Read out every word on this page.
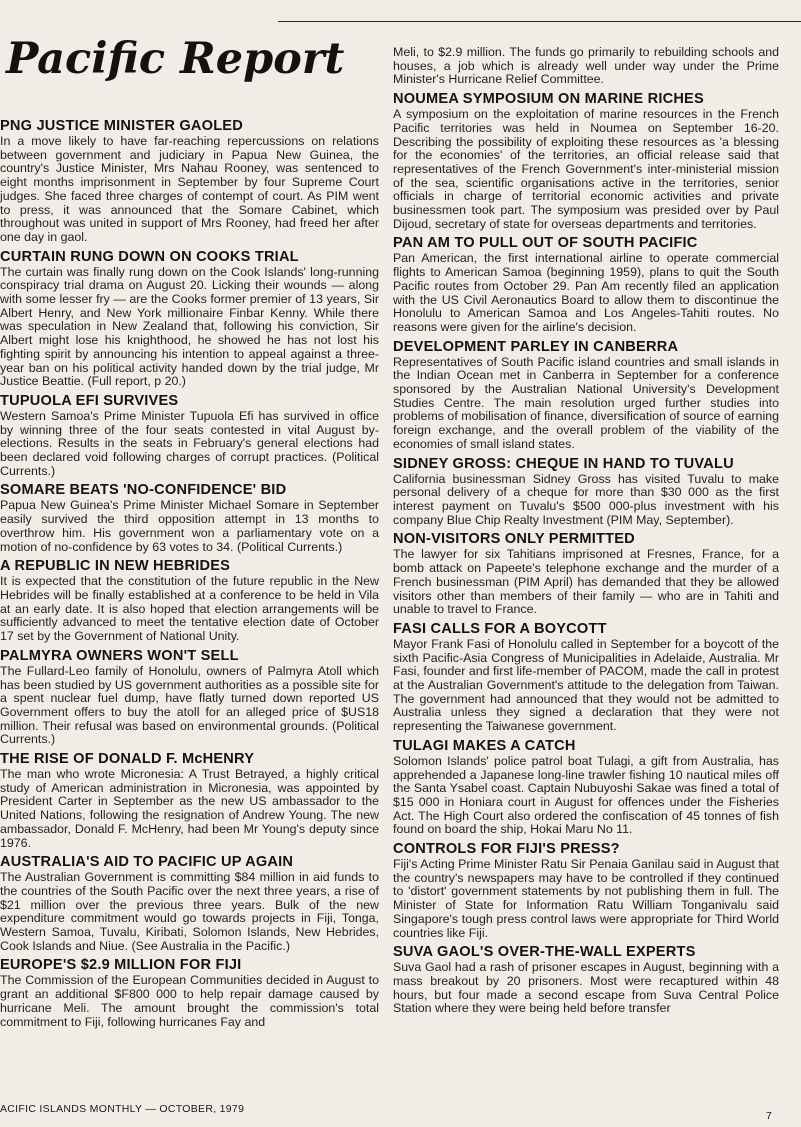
Pacific Report
PNG JUSTICE MINISTER GAOLED

In a move likely to have far-reaching repercussions on relations between government and judiciary in Papua New Guinea, the country's Justice Minister, Mrs Nahau Rooney, was sentenced to eight months imprisonment in September by four Supreme Court judges. She faced three charges of contempt of court. As PIM went to press, it was announced that the Somare Cabinet, which throughout was united in support of Mrs Rooney, had freed her after one day in gaol.

CURTAIN RUNG DOWN ON COOKS TRIAL

The curtain was finally rung down on the Cook Islands' long-running conspiracy trial drama on August 20. Licking their wounds — along with some lesser fry — are the Cooks former premier of 13 years, Sir Albert Henry, and New York millionaire Finbar Kenny. While there was speculation in New Zealand that, following his conviction, Sir Albert might lose his knighthood, he showed he has not lost his fighting spirit by announcing his intention to appeal against a three-year ban on his political activity handed down by the trial judge, Mr Justice Beattie. (Full report, p 20.)

TUPUOLA EFI SURVIVES

Western Samoa's Prime Minister Tupuola Efi has survived in office by winning three of the four seats contested in vital August by-elections. Results in the seats in February's general elections had been declared void following charges of corrupt practices. (Political Currents.)

SOMARE BEATS 'NO-CONFIDENCE' BID

Papua New Guinea's Prime Minister Michael Somare in September easily survived the third opposition attempt in 13 months to overthrow him. His government won a parliamentary vote on a motion of no-confidence by 63 votes to 34. (Political Currents.)

A REPUBLIC IN NEW HEBRIDES

It is expected that the constitution of the future republic in the New Hebrides will be finally established at a conference to be held in Vila at an early date. It is also hoped that election arrangements will be sufficiently advanced to meet the tentative election date of October 17 set by the Government of National Unity.

PALMYRA OWNERS WON'T SELL

The Fullard-Leo family of Honolulu, owners of Palmyra Atoll which has been studied by US government authorities as a possible site for a spent nuclear fuel dump, have flatly turned down reported US Government offers to buy the atoll for an alleged price of $US18 million. Their refusal was based on environmental grounds. (Political Currents.)

THE RISE OF DONALD F. McHENRY

The man who wrote Micronesia: A Trust Betrayed, a highly critical study of American administration in Micronesia, was appointed by President Carter in September as the new US ambassador to the United Nations, following the resignation of Andrew Young. The new ambassador, Donald F. McHenry, had been Mr Young's deputy since 1976.

AUSTRALIA'S AID TO PACIFIC UP AGAIN

The Australian Government is committing $84 million in aid funds to the countries of the South Pacific over the next three years, a rise of $21 million over the previous three years. Bulk of the new expenditure commitment would go towards projects in Fiji, Tonga, Western Samoa, Tuvalu, Kiribati, Solomon Islands, New Hebrides, Cook Islands and Niue. (See Australia in the Pacific.)

EUROPE'S $2.9 MILLION FOR FIJI

The Commission of the European Communities decided in August to grant an additional $F800 000 to help repair damage caused by hurricane Meli. The amount brought the commission's total commitment to Fiji, following hurricanes Fay and

Meli, to $2.9 million. The funds go primarily to rebuilding schools and houses, a job which is already well under way under the Prime Minister's Hurricane Relief Committee.

NOUMEA SYMPOSIUM ON MARINE RICHES

A symposium on the exploitation of marine resources in the French Pacific territories was held in Noumea on September 16-20. Describing the possibility of exploiting these resources as 'a blessing for the economies' of the territories, an official release said that representatives of the French Government's inter-ministerial mission of the sea, scientific organisations active in the territories, senior officials in charge of territorial economic activities and private businessmen took part. The symposium was presided over by Paul Dijoud, secretary of state for overseas departments and territories.

PAN AM TO PULL OUT OF SOUTH PACIFIC

Pan American, the first international airline to operate commercial flights to American Samoa (beginning 1959), plans to quit the South Pacific routes from October 29. Pan Am recently filed an application with the US Civil Aeronautics Board to allow them to discontinue the Honolulu to American Samoa and Los Angeles-Tahiti routes. No reasons were given for the airline's decision.

DEVELOPMENT PARLEY IN CANBERRA

Representatives of South Pacific island countries and small islands in the Indian Ocean met in Canberra in September for a conference sponsored by the Australian National University's Development Studies Centre. The main resolution urged further studies into problems of mobilisation of finance, diversification of source of earning foreign exchange, and the overall problem of the viability of the economies of small island states.

SIDNEY GROSS: CHEQUE IN HAND TO TUVALU

California businessman Sidney Gross has visited Tuvalu to make personal delivery of a cheque for more than $30 000 as the first interest payment on Tuvalu's $500 000-plus investment with his company Blue Chip Realty Investment (PIM May, September).

NON-VISITORS ONLY PERMITTED

The lawyer for six Tahitians imprisoned at Fresnes, France, for a bomb attack on Papeete's telephone exchange and the murder of a French businessman (PIM April) has demanded that they be allowed visitors other than members of their family — who are in Tahiti and unable to travel to France.

FASI CALLS FOR A BOYCOTT

Mayor Frank Fasi of Honolulu called in September for a boycott of the sixth Pacific-Asia Congress of Municipalities in Adelaide, Australia. Mr Fasi, founder and first life-member of PACOM, made the call in protest at the Australian Government's attitude to the delegation from Taiwan. The government had announced that they would not be admitted to Australia unless they signed a declaration that they were not representing the Taiwanese government.

TULAGI MAKES A CATCH

Solomon Islands' police patrol boat Tulagi, a gift from Australia, has apprehended a Japanese long-line trawler fishing 10 nautical miles off the Santa Ysabel coast. Captain Nubuyoshi Sakae was fined a total of $15 000 in Honiara court in August for offences under the Fisheries Act. The High Court also ordered the confiscation of 45 tonnes of fish found on board the ship, Hokai Maru No 11.

CONTROLS FOR FIJI'S PRESS?

Fiji's Acting Prime Minister Ratu Sir Penaia Ganilau said in August that the country's newspapers may have to be controlled if they continued to 'distort' government statements by not publishing them in full. The Minister of State for Information Ratu William Tonganivalu said Singapore's tough press control laws were appropriate for Third World countries like Fiji.

SUVA GAOL'S OVER-THE-WALL EXPERTS

Suva Gaol had a rash of prisoner escapes in August, beginning with a mass breakout by 20 prisoners. Most were recaptured within 48 hours, but four made a second escape from Suva Central Police Station where they were being held before transfer

ACIFIC ISLANDS MONTHLY — OCTOBER, 1979
7
